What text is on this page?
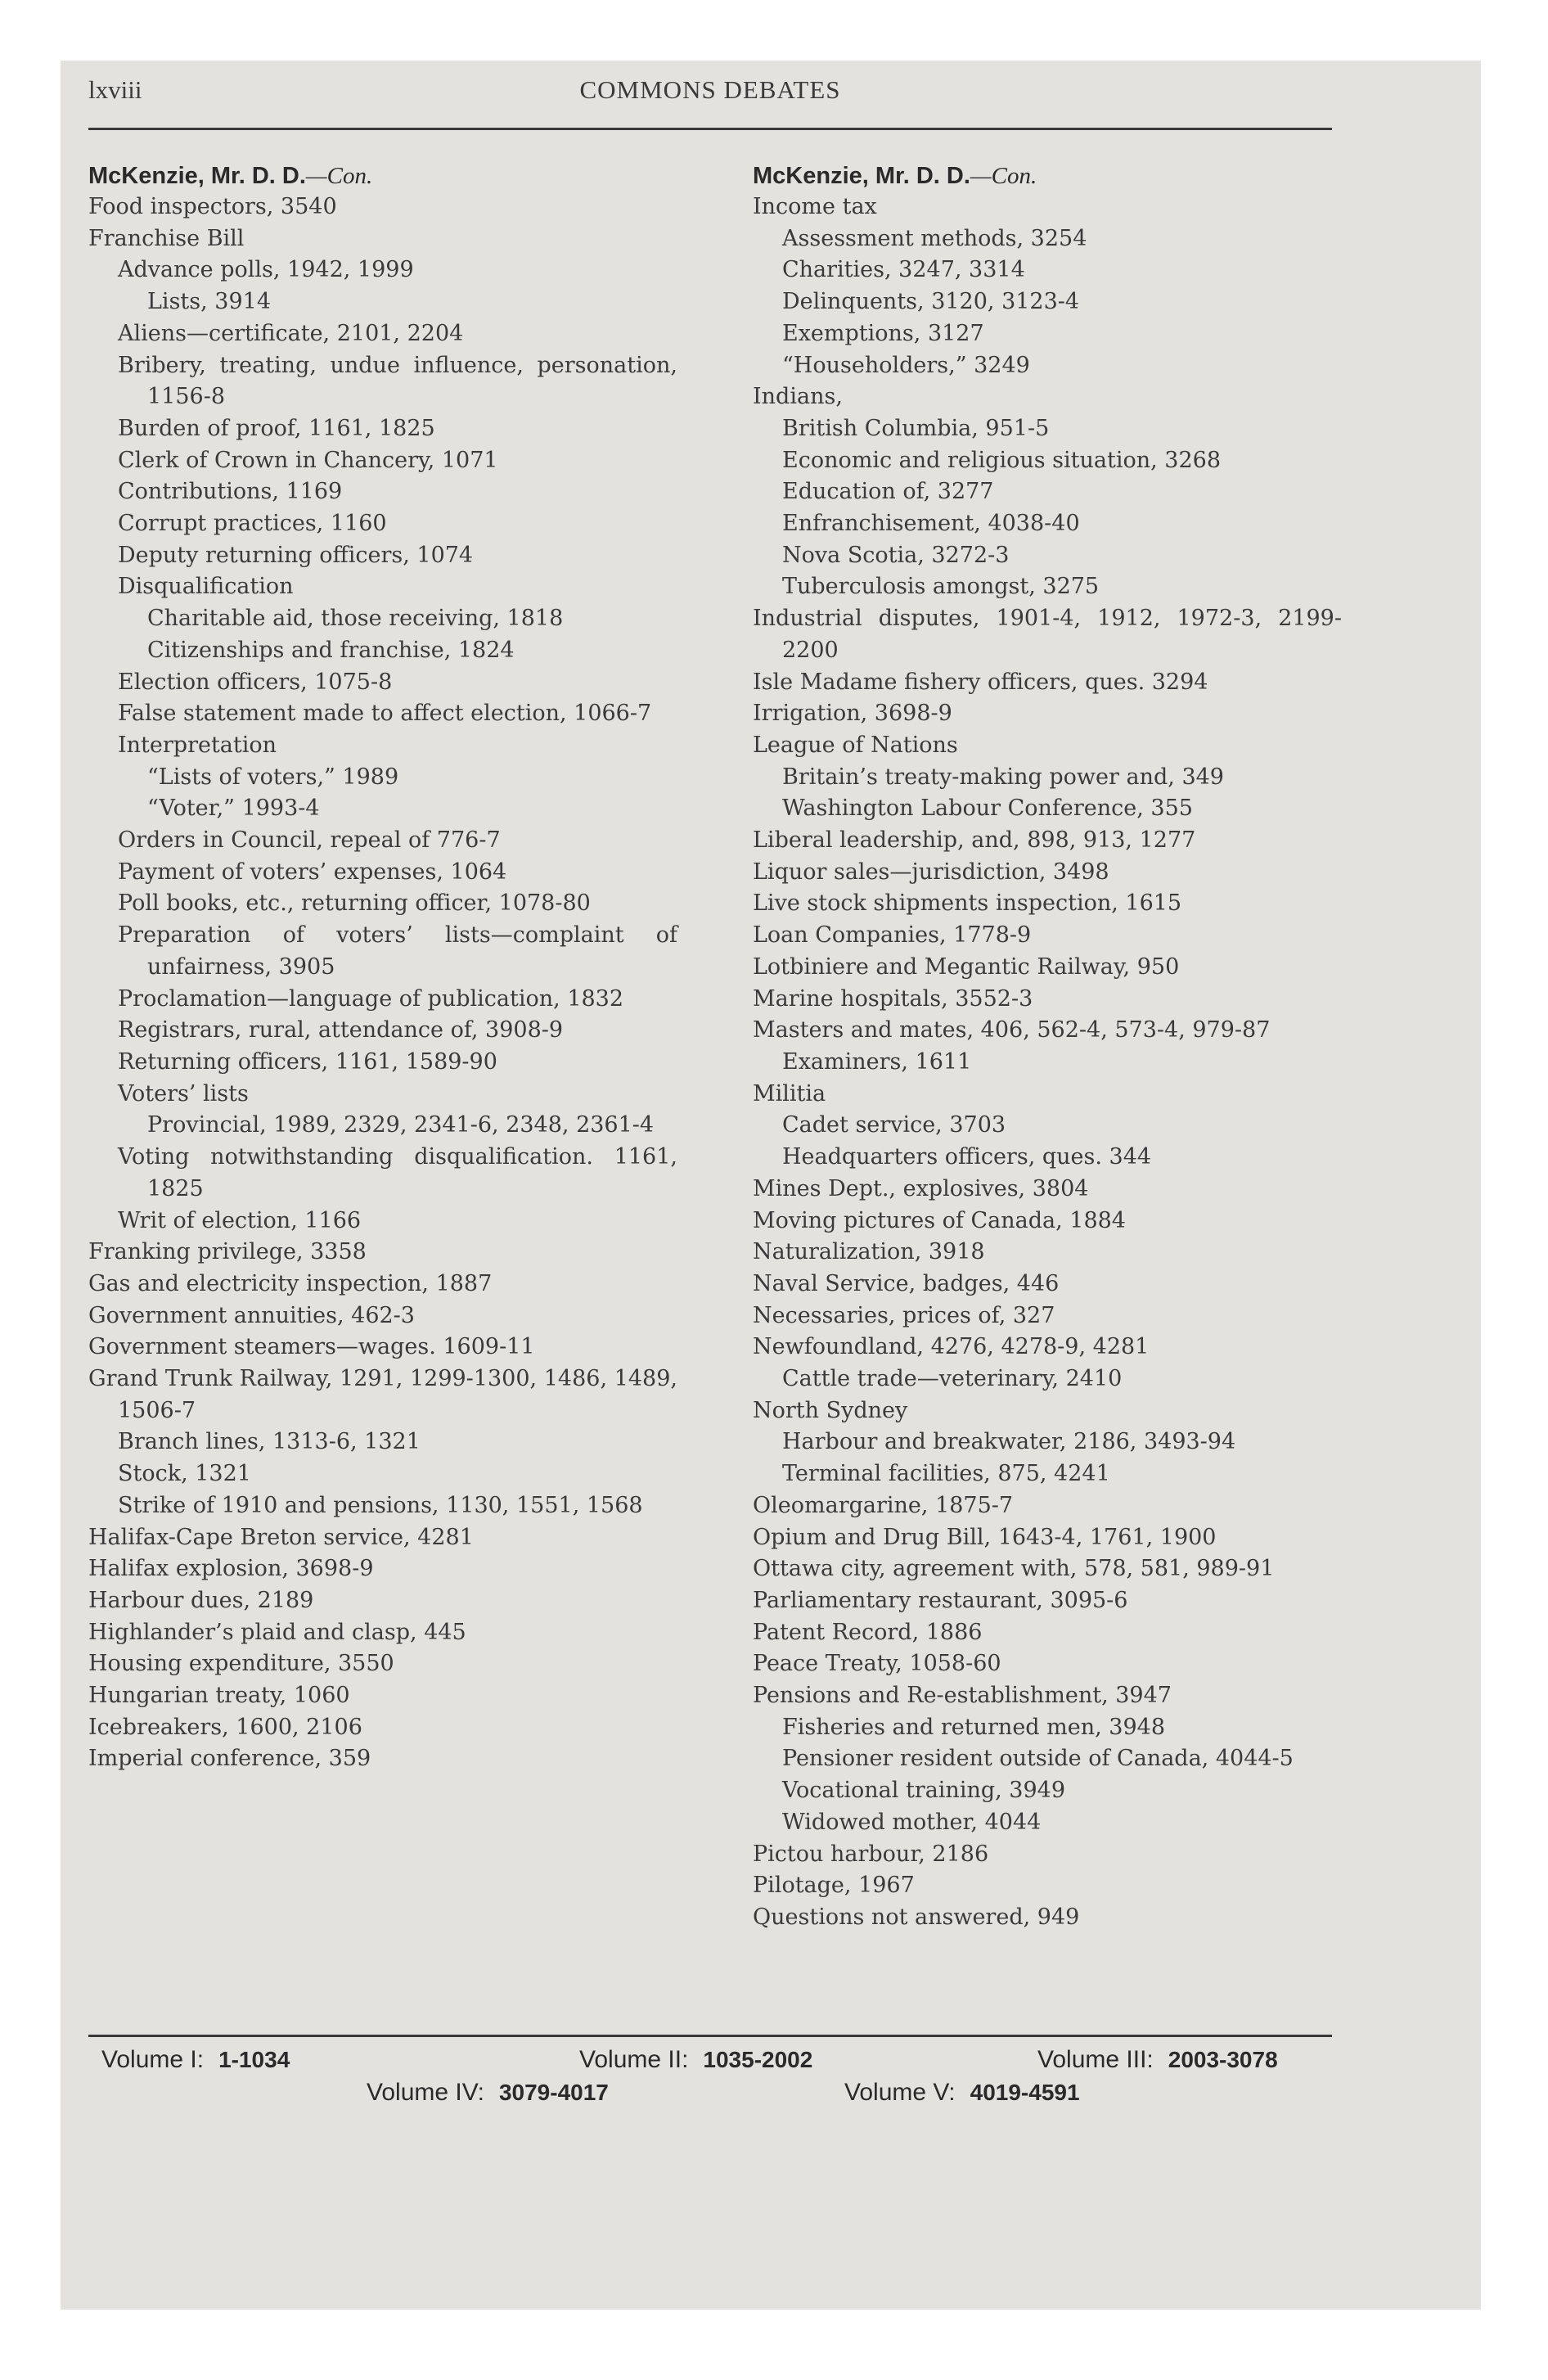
lxviii	COMMONS DEBATES
McKenzie, Mr. D. D.—Con.
Food inspectors, 3540
Franchise Bill
Advance polls, 1942, 1999
Lists, 3914
Aliens—certificate, 2101, 2204
Bribery, treating, undue influence, personation, 1156-8
Burden of proof, 1161, 1825
Clerk of Crown in Chancery, 1071
Contributions, 1169
Corrupt practices, 1160
Deputy returning officers, 1074
Disqualification
Charitable aid, those receiving, 1818
Citizenships and franchise, 1824
Election officers, 1075-8
False statement made to affect election, 1066-7
Interpretation
“Lists of voters,” 1989
“Voter,” 1993-4
Orders in Council, repeal of 776-7
Payment of voters’ expenses, 1064
Poll books, etc., returning officer, 1078-80
Preparation of voters’ lists—complaint of unfairness, 3905
Proclamation—language of publication, 1832
Registrars, rural, attendance of, 3908-9
Returning officers, 1161, 1589-90
Voters’ lists
Provincial, 1989, 2329, 2341-6, 2348, 2361-4
Voting notwithstanding disqualification. 1161, 1825
Writ of election, 1166
Franking privilege, 3358
Gas and electricity inspection, 1887
Government annuities, 462-3
Government steamers—wages. 1609-11
Grand Trunk Railway, 1291, 1299-1300, 1486, 1489, 1506-7
Branch lines, 1313-6, 1321
Stock, 1321
Strike of 1910 and pensions, 1130, 1551, 1568
Halifax-Cape Breton service, 4281
Halifax explosion, 3698-9
Harbour dues, 2189
Highlander’s plaid and clasp, 445
Housing expenditure, 3550
Hungarian treaty, 1060
Icebreakers, 1600, 2106
Imperial conference, 359
McKenzie, Mr. D. D.—Con.
Income tax
Assessment methods, 3254
Charities, 3247, 3314
Delinquents, 3120, 3123-4
Exemptions, 3127
“Householders,” 3249
Indians,
British Columbia, 951-5
Economic and religious situation, 3268
Education of, 3277
Enfranchisement, 4038-40
Nova Scotia, 3272-3
Tuberculosis amongst, 3275
Industrial disputes, 1901-4, 1912, 1972-3, 2199-2200
Isle Madame fishery officers, ques. 3294
Irrigation, 3698-9
League of Nations
Britain’s treaty-making power and, 349
Washington Labour Conference, 355
Liberal leadership, and, 898, 913, 1277
Liquor sales—jurisdiction, 3498
Live stock shipments inspection, 1615
Loan Companies, 1778-9
Lotbiniere and Megantic Railway, 950
Marine hospitals, 3552-3
Masters and mates, 406, 562-4, 573-4, 979-87
Examiners, 1611
Militia
Cadet service, 3703
Headquarters officers, ques. 344
Mines Dept., explosives, 3804
Moving pictures of Canada, 1884
Naturalization, 3918
Naval Service, badges, 446
Necessaries, prices of, 327
Newfoundland, 4276, 4278-9, 4281
Cattle trade—veterinary, 2410
North Sydney
Harbour and breakwater, 2186, 3493-94
Terminal facilities, 875, 4241
Oleomargarine, 1875-7
Opium and Drug Bill, 1643-4, 1761, 1900
Ottawa city, agreement with, 578, 581, 989-91
Parliamentary restaurant, 3095-6
Patent Record, 1886
Peace Treaty, 1058-60
Pensions and Re-establishment, 3947
Fisheries and returned men, 3948
Pensioner resident outside of Canada, 4044-5
Vocational training, 3949
Widowed mother, 4044
Pictou harbour, 2186
Pilotage, 1967
Questions not answered, 949
Volume I: 1-1034	Volume II: 1035-2002	Volume III: 2003-3078
Volume IV: 3079-4017	Volume V: 4019-4591
